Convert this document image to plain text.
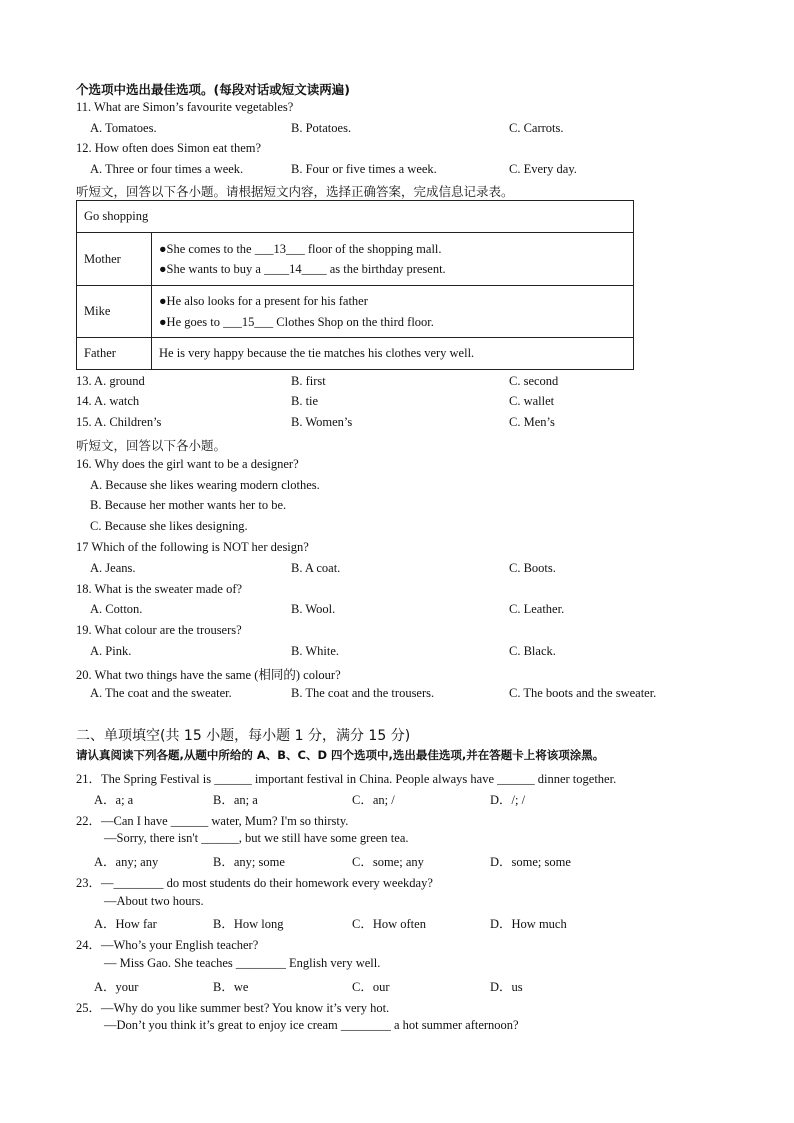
个选项中选出最佳选项。(每段对话或短文读两遍)
11. What are Simon’s favourite vegetables?
A. Tomatoes.	B. Potatoes.	C. Carrots.
12. How often does Simon eat them?
A. Three or four times a week.	B. Four or five times a week.	C. Every day.
听短文，回答以下各小题。请根据短文内容，选择正确答案，完成信息记录表。
Go shopping	
Mother	●She comes to the ___13___ floor of the shopping mall.
●She wants to buy a ____14____ as the birthday present.

Mike	●He also looks for a present for his father
●He goes to ___15___ Clothes Shop on the third floor.

Father	He is very happy because the tie matches his clothes very well.
13. A. ground	B. first	C. second
14. A. watch	B. tie	C. wallet
15. A. Children’s	B. Women’s	C. Men’s
听短文，回答以下各小题。
16. Why does the girl want to be a designer?
A. Because she likes wearing modern clothes.
B. Because her mother wants her to be.
C. Because she likes designing.
17 Which of the following is NOT her design?
A. Jeans.	B. A coat.	C. Boots.
18. What is the sweater made of?
A. Cotton.	B. Wool.	C. Leather.
19. What colour are the trousers?
A. Pink.	B. White.	C. Black.
20. What two things have the same (相同的) colour?
A. The coat and the sweater.	B. The coat and the trousers.	C. The boots and the sweater.
二、单项填空(共 15 小题，每小题 1 分，满分 15 分)
请认真阅读下列各题,从题中所给的 A、B、C、D 四个选项中,选出最佳选项,并在答题卡上将该项涂黑。
21．The Spring Festival is ______ important festival in China. People always have ______ dinner together.
A．a; a	B．an; a	C．an; /	D．/; /
22．—Can I have ______ water, Mum? I'm so thirsty.
—Sorry, there isn't ______, but we still have some green tea.
A．any; any	B．any; some	C．some; any	D．some; some
23．—________ do most students do their homework every weekday?
—About two hours.
A．How far	B．How long	C．How often	D．How much
24．—Who’s your English teacher?
— Miss Gao. She teaches ________ English very well.
A．your	B．we	C．our	D．us
25．—Why do you like summer best? You know it’s very hot.
—Don’t you think it’s great to enjoy ice cream ________ a hot summer afternoon?
